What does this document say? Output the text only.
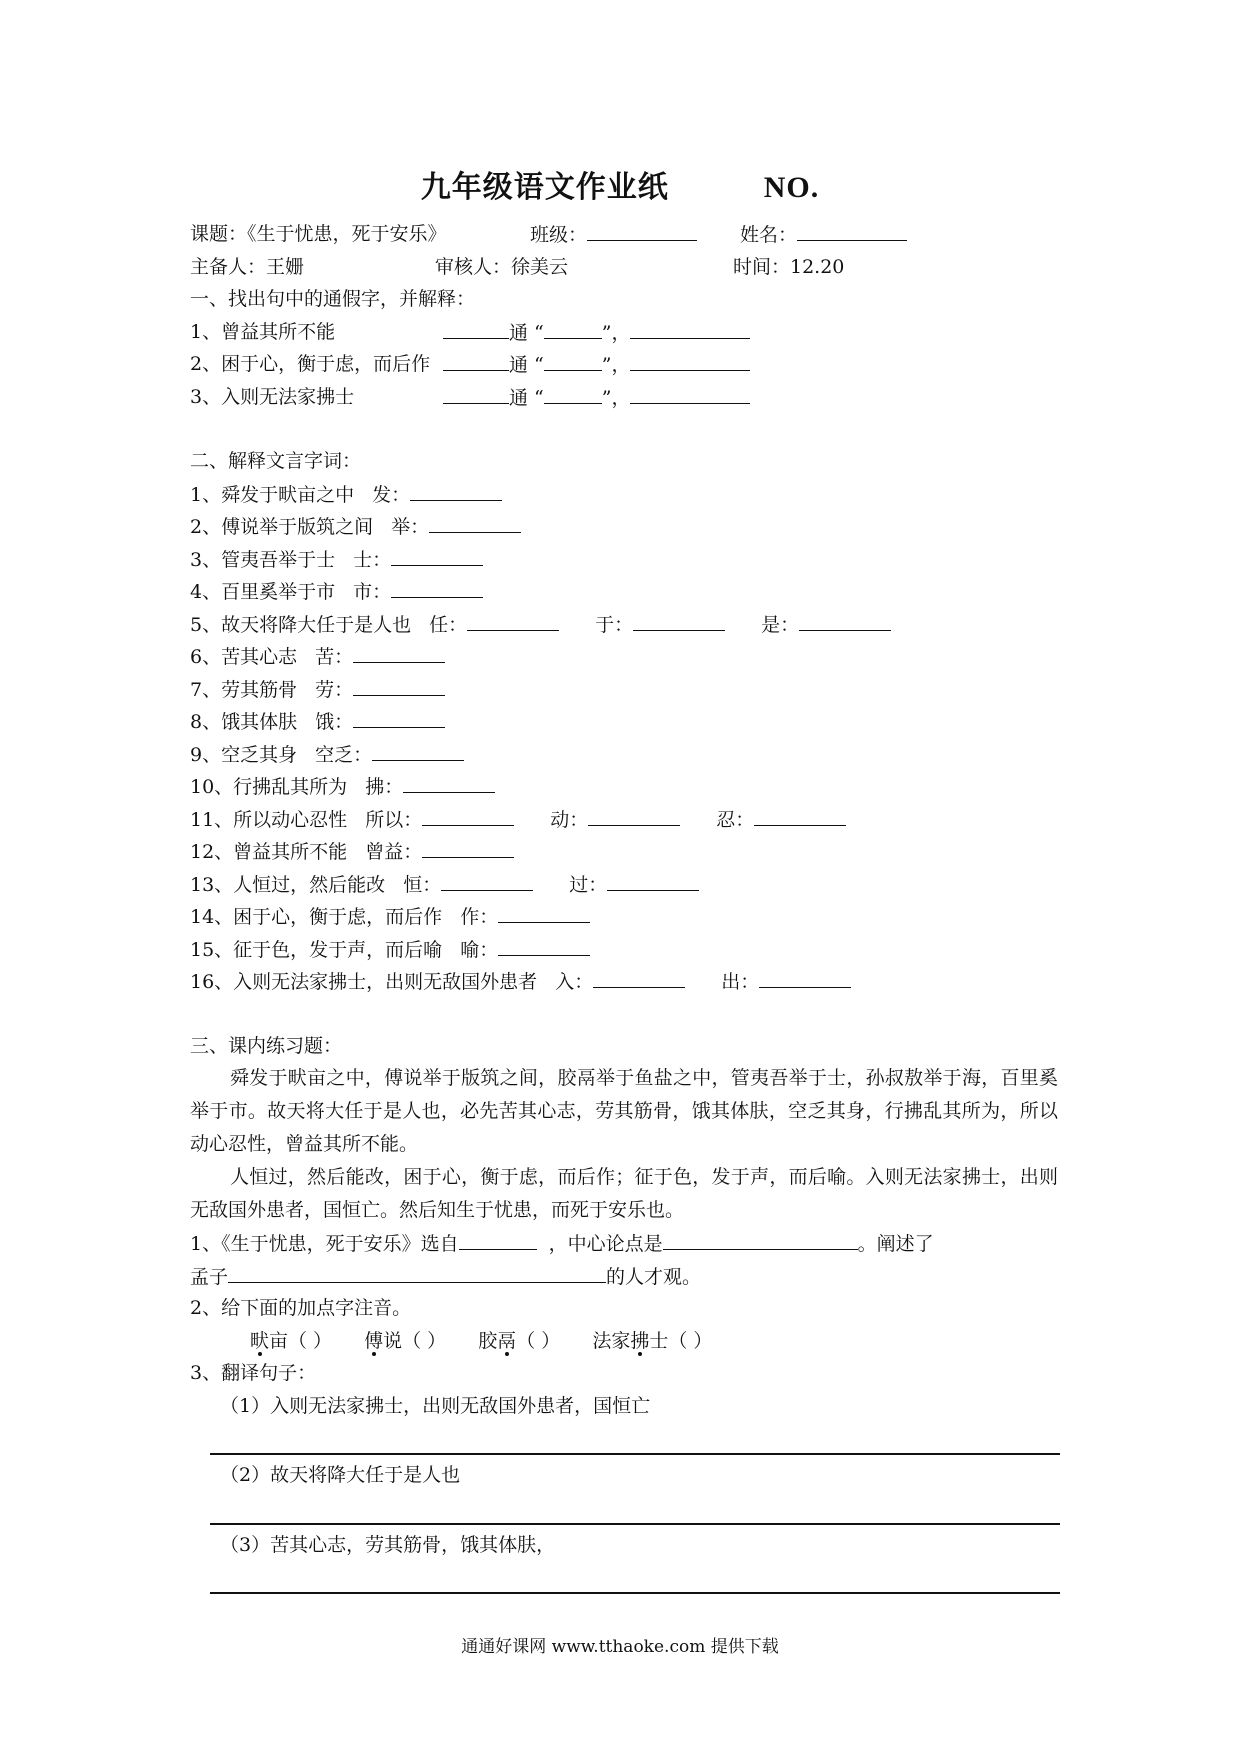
九年级语文作业纸	NO.
课题：《生于忧患，死于安乐》	班级：	姓名：
主备人：王姗	审核人：徐美云	时间：12.20
一、找出句中的通假字，并解释：
1、曾益其所不能	通 “	”，
2、困于心，衡于虑，而后作	通 “	”，
3、入则无法家拂士	通 “	”，
二、解释文言字词：
1、舜发于畎亩之中 发：
2、傅说举于版筑之间 举：
3、管夷吾举于士 士：
4、百里奚举于市 市：
5、故天将降大任于是人也 任：	于：	是：
6、苦其心志 苦：
7、劳其筋骨 劳：
8、饿其体肤 饿：
9、空乏其身 空乏：
10、行拂乱其所为 拂：
11、所以动心忍性 所以：	动：	忍：
12、曾益其所不能 曾益：
13、人恒过，然后能改 恒：	过：
14、困于心，衡于虑，而后作 作：
15、征于色，发于声，而后喻 喻：
16、入则无法家拂士，出则无敌国外患者 入：	出：
三、课内练习题：
舜发于畎亩之中，傅说举于版筑之间，胶鬲举于鱼盐之中，管夷吾举于士，孙叔敖举于海，百里奚举于市。故天将大任于是人也，必先苦其心志，劳其筋骨，饿其体肤，空乏其身，行拂乱其所为，所以动心忍性，曾益其所不能。
人恒过，然后能改，困于心，衡于虑，而后作；征于色，发于声，而后喻。入则无法家拂士，出则无敌国外患者，国恒亡。然后知生于忧患，而死于安乐也。
1、《生于忧患，死于安乐》选自	，中心论点是	。阐述了
孟子	的人才观。
2、给下面的加点字注音。
畎亩（ ） 傅说（ ） 胶鬲（ ） 法家拂士（ ）
3、翻译句子：
（1）入则无法家拂士，出则无敌国外患者，国恒亡
（2）故天将降大任于是人也
（3）苦其心志，劳其筋骨，饿其体肤，
通通好课网 www.tthaoke.com 提供下载
